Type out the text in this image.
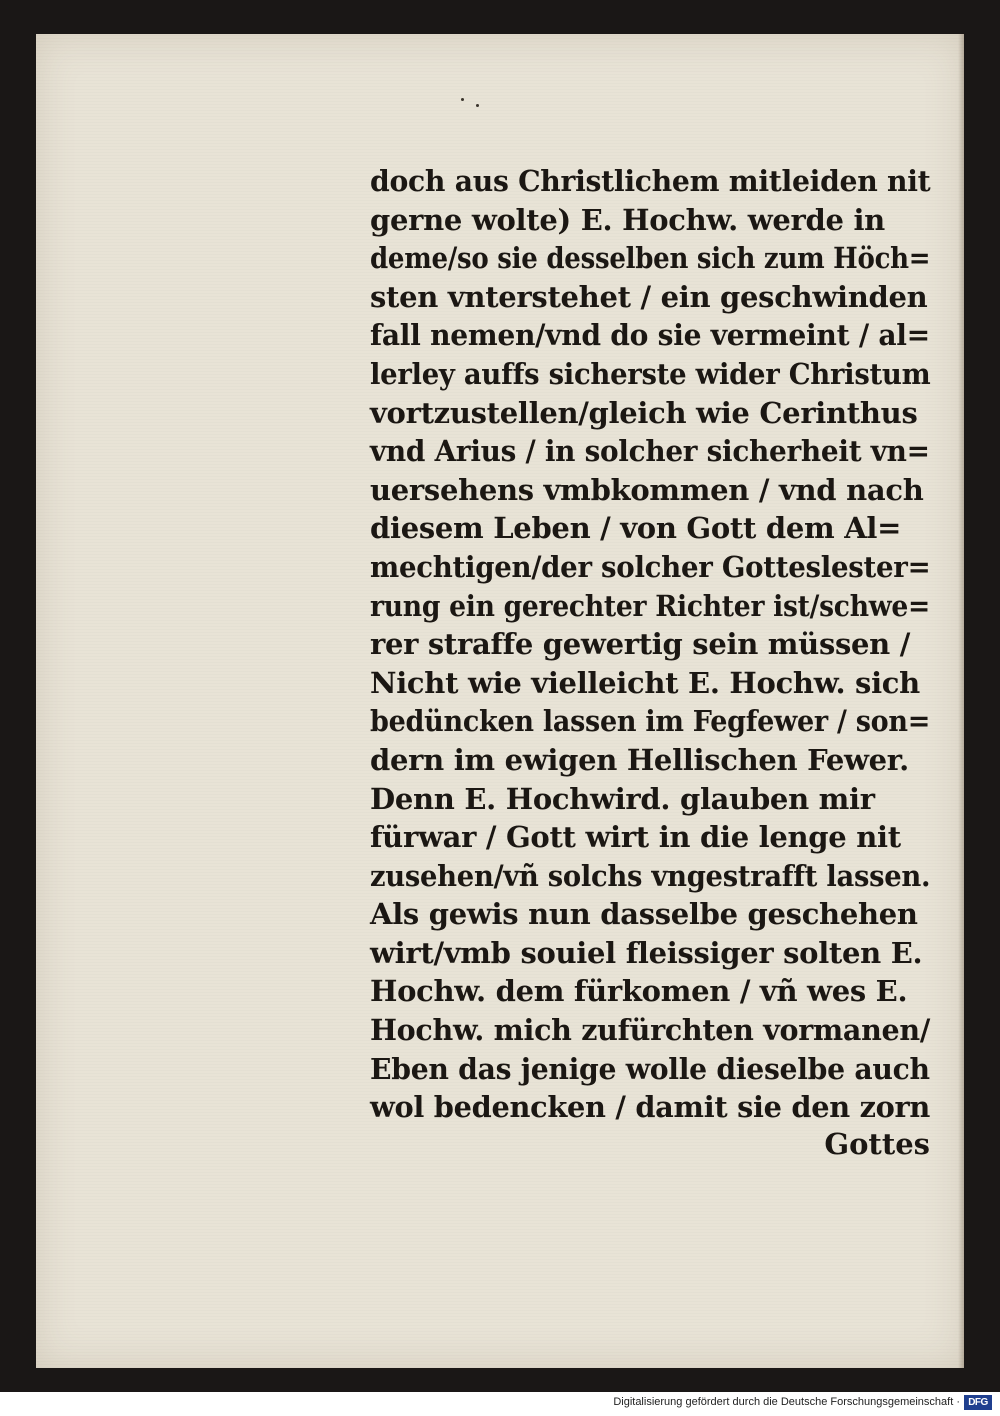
doch aus Christlichem mitleiden nit
gerne wolte) E. Hochw. werde in
deme/so sie desselben sich zum Höch=
sten vnterstehet / ein geschwinden
fall nemen/vnd do sie vermeint / al=
lerley auffs sicherste wider Christum
vortzustellen/gleich wie Cerinthus
vnd Arius / in solcher sicherheit vn=
uersehens vmbkommen / vnd nach
diesem Leben / von Gott dem Al=
mechtigen/der solcher Gotteslester=
rung ein gerechter Richter ist/schwe=
rer straffe gewertig sein müssen /
Nicht wie vielleicht E. Hochw. sich
bedüncken lassen im Fegfewer / son=
dern im ewigen Hellischen Fewer.
Denn E. Hochwird. glauben mir
fürwar / Gott wirt in die lenge nit
zusehen/vñ solchs vngestrafft lassen.
Als gewis nun dasselbe geschehen
wirt/vmb souiel fleissiger solten E.
Hochw. dem fürkomen / vñ wes E.
Hochw. mich zufürchten vormanen/
Eben das jenige wolle dieselbe auch
wol bedencken / damit sie den zorn
Gottes
Digitalisierung gefördert durch die Deutsche Forschungsgemeinschaft · DFG
